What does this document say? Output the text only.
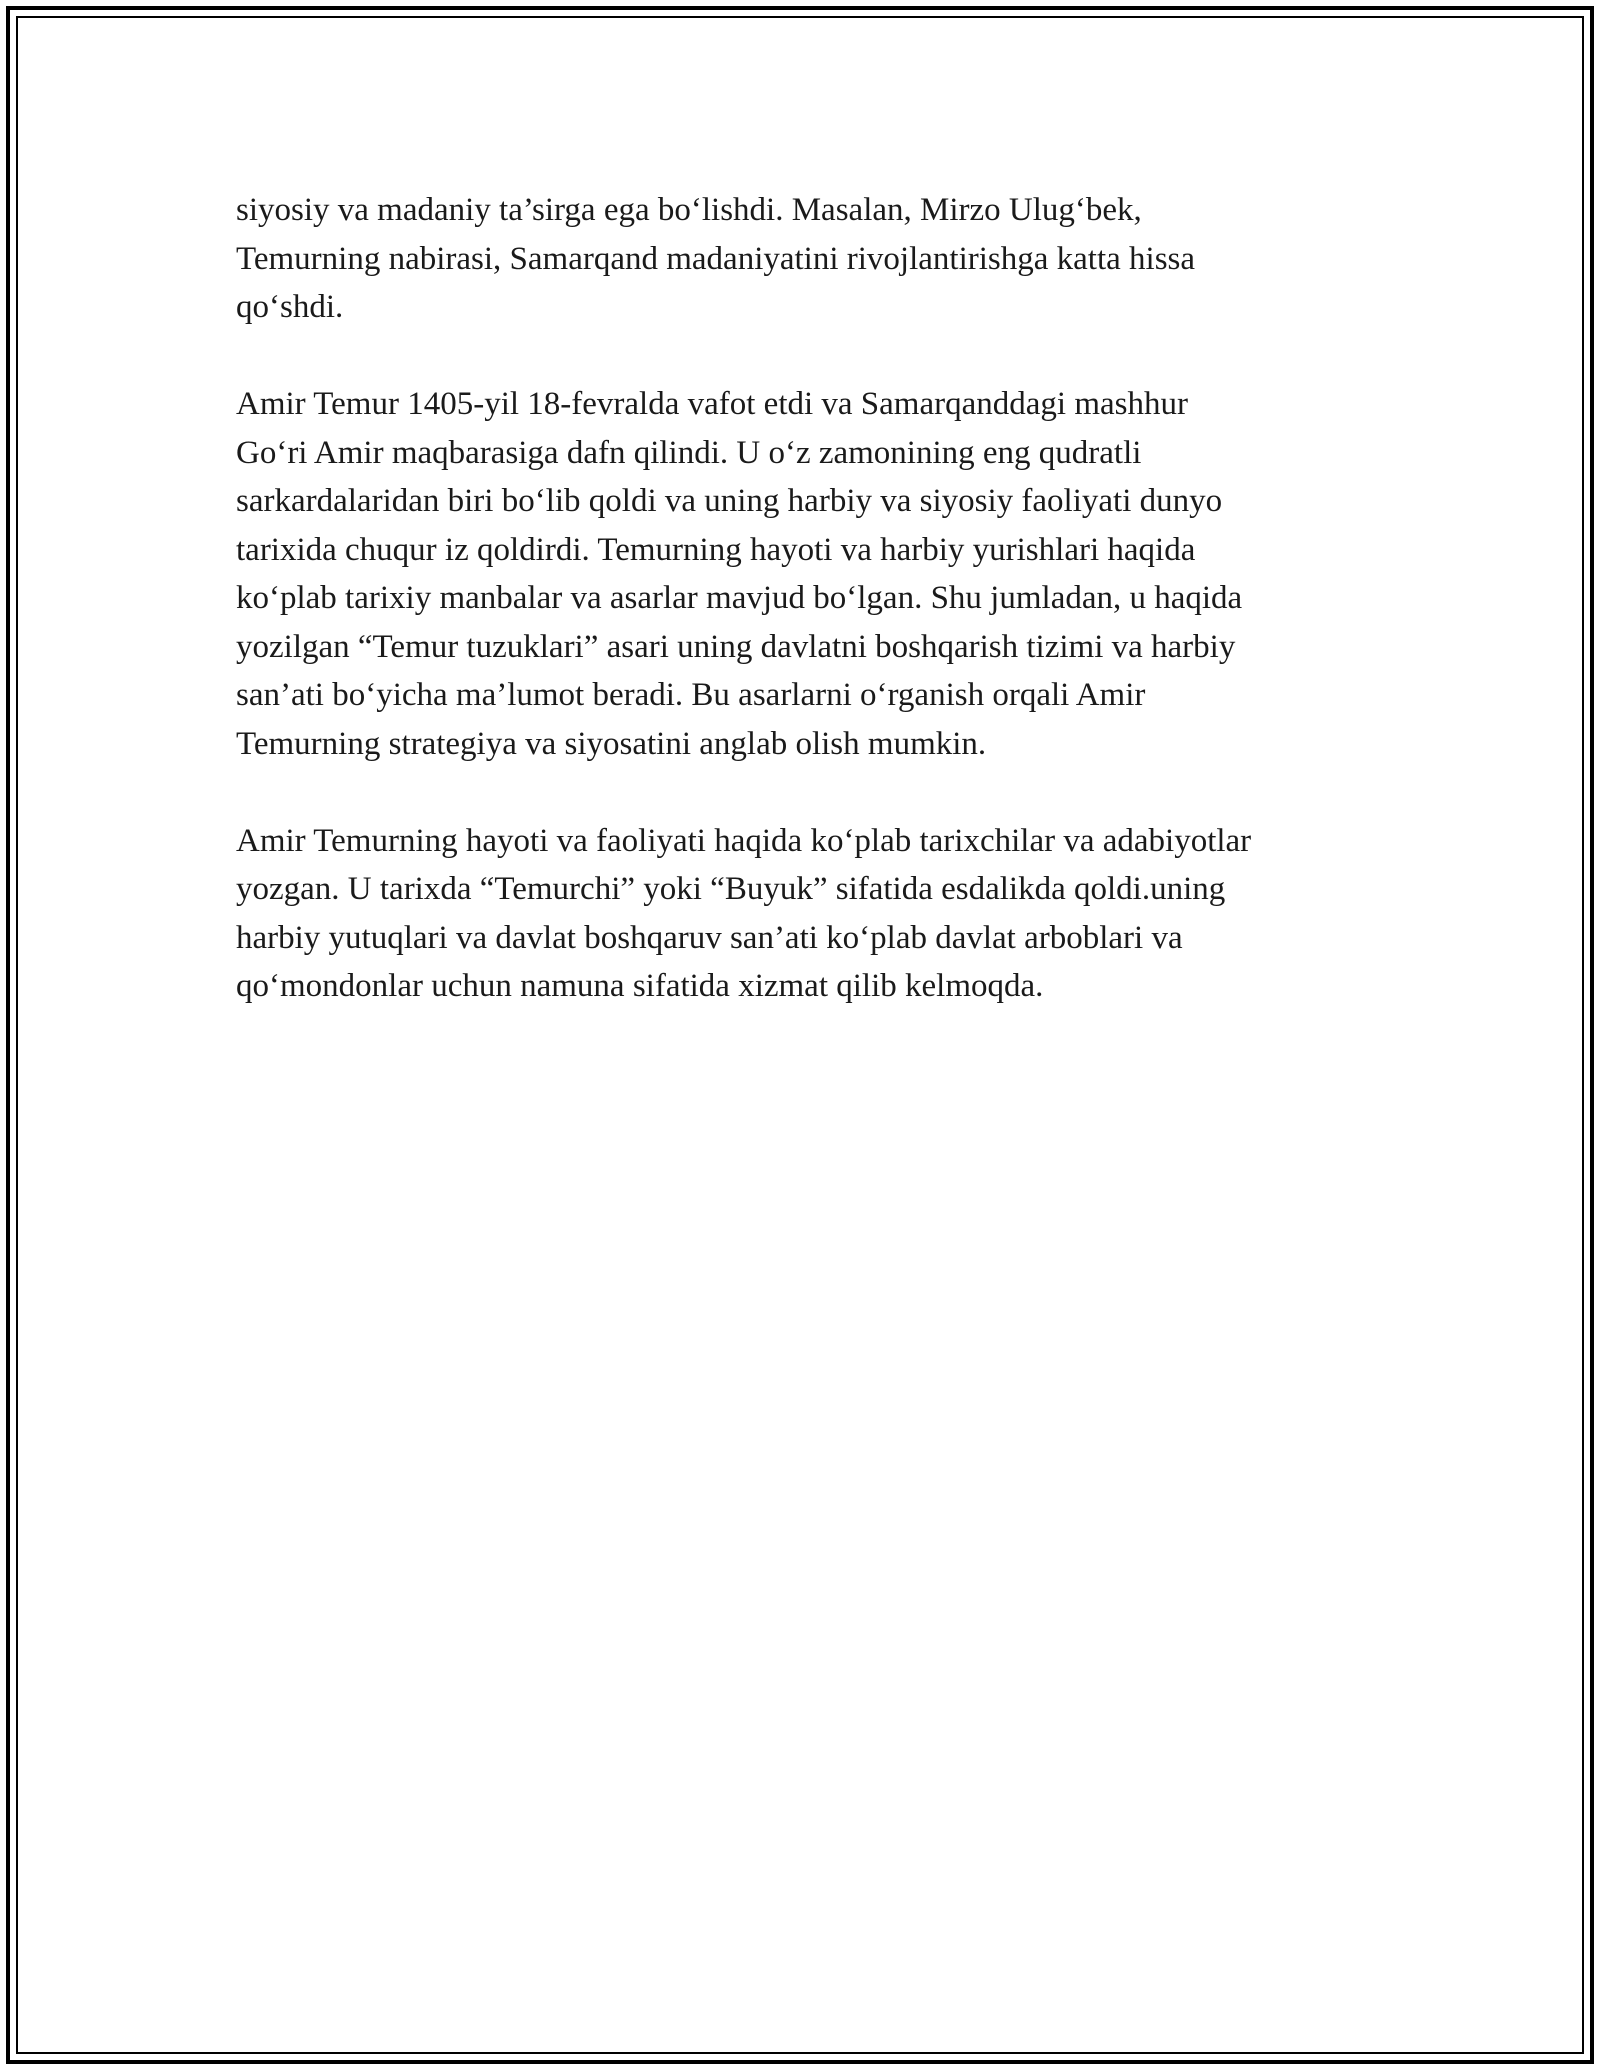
siyosiy va madaniy ta’sirga ega bo‘lishdi. Masalan, Mirzo Ulug‘bek,
Temurning nabirasi, Samarqand madaniyatini rivojlantirishga katta hissa
qo‘shdi.

Amir Temur 1405-yil 18-fevralda vafot etdi va Samarqanddagi mashhur
Go‘ri Amir maqbarasiga dafn qilindi. U o‘z zamonining eng qudratli
sarkardalaridan biri bo‘lib qoldi va uning harbiy va siyosiy faoliyati dunyo
tarixida chuqur iz qoldirdi. Temurning hayoti va harbiy yurishlari haqida
ko‘plab tarixiy manbalar va asarlar mavjud bo‘lgan. Shu jumladan, u haqida
yozilgan “Temur tuzuklari” asari uning davlatni boshqarish tizimi va harbiy
san’ati bo‘yicha ma’lumot beradi. Bu asarlarni o‘rganish orqali Amir
Temurning strategiya va siyosatini anglab olish mumkin.

Amir Temurning hayoti va faoliyati haqida ko‘plab tarixchilar va adabiyotlar
yozgan. U tarixda “Temurchi” yoki “Buyuk” sifatida esdalikda qoldi.uning
harbiy yutuqlari va davlat boshqaruv san’ati ko‘plab davlat arboblari va
qo‘mondonlar uchun namuna sifatida xizmat qilib kelmoqda.
